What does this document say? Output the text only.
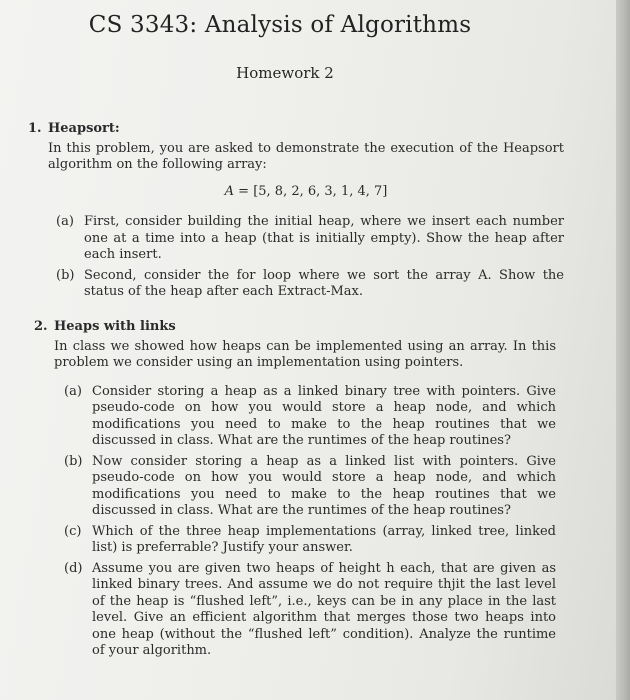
CS 3343: Analysis of Algorithms
Homework 2
1. Heapsort:
In this problem, you are asked to demonstrate the execution of the Heapsort algorithm on the following array:
A = [5, 8, 2, 6, 3, 1, 4, 7]
(a) First, consider building the initial heap, where we insert each number one at a time into a heap (that is initially empty). Show the heap after each insert.
(b) Second, consider the for loop where we sort the array A. Show the status of the heap after each Extract-Max.
2. Heaps with links
In class we showed how heaps can be implemented using an array. In this problem we consider using an implementation using pointers.
(a) Consider storing a heap as a linked binary tree with pointers. Give pseudo-code on how you would store a heap node, and which modifications you need to make to the heap routines that we discussed in class. What are the runtimes of the heap routines?
(b) Now consider storing a heap as a linked list with pointers. Give pseudo-code on how you would store a heap node, and which modifications you need to make to the heap routines that we discussed in class. What are the runtimes of the heap routines?
(c) Which of the three heap implementations (array, linked tree, linked list) is preferrable? Justify your answer.
(d) Assume you are given two heaps of height h each, that are given as linked binary trees. And assume we do not require thjit the last level of the heap is “flushed left”, i.e., keys can be in any place in the last level. Give an efficient algorithm that merges those two heaps into one heap (without the “flushed left” condition). Analyze the runtime of your algorithm.
